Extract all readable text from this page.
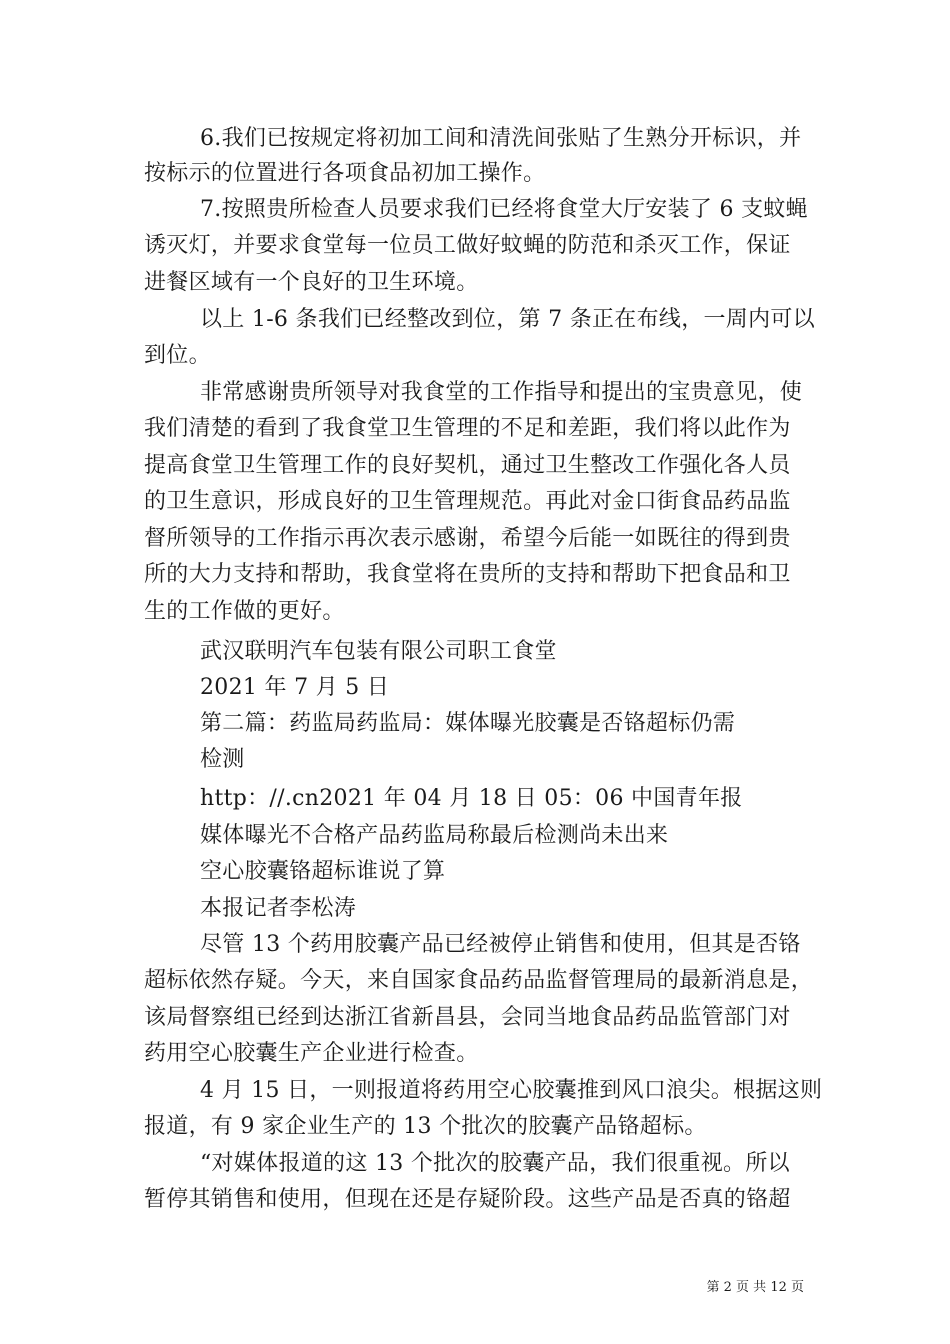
6.我们已按规定将初加工间和清洗间张贴了生熟分开标识，并
按标示的位置进行各项食品初加工操作。
7.按照贵所检查人员要求我们已经将食堂大厅安装了 6 支蚊蝇
诱灭灯，并要求食堂每一位员工做好蚊蝇的防范和杀灭工作，保证
进餐区域有一个良好的卫生环境。
以上 1-6 条我们已经整改到位，第 7 条正在布线，一周内可以
到位。
非常感谢贵所领导对我食堂的工作指导和提出的宝贵意见，使
我们清楚的看到了我食堂卫生管理的不足和差距，我们将以此作为
提高食堂卫生管理工作的良好契机，通过卫生整改工作强化各人员
的卫生意识，形成良好的卫生管理规范。再此对金口街食品药品监
督所领导的工作指示再次表示感谢，希望今后能一如既往的得到贵
所的大力支持和帮助，我食堂将在贵所的支持和帮助下把食品和卫
生的工作做的更好。
武汉联明汽车包装有限公司职工食堂
2021 年 7 月 5 日
第二篇：药监局药监局：媒体曝光胶囊是否铬超标仍需
检测
http：//.cn2021 年 04 月 18 日 05：06 中国青年报
媒体曝光不合格产品药监局称最后检测尚未出来
空心胶囊铬超标谁说了算
本报记者李松涛
尽管 13 个药用胶囊产品已经被停止销售和使用，但其是否铬
超标依然存疑。今天，来自国家食品药品监督管理局的最新消息是，
该局督察组已经到达浙江省新昌县，会同当地食品药品监管部门对
药用空心胶囊生产企业进行检查。
4 月 15 日，一则报道将药用空心胶囊推到风口浪尖。根据这则
报道，有 9 家企业生产的 13 个批次的胶囊产品铬超标。
“对媒体报道的这 13 个批次的胶囊产品，我们很重视。所以
暂停其销售和使用，但现在还是存疑阶段。这些产品是否真的铬超
第 2 页 共 12 页
